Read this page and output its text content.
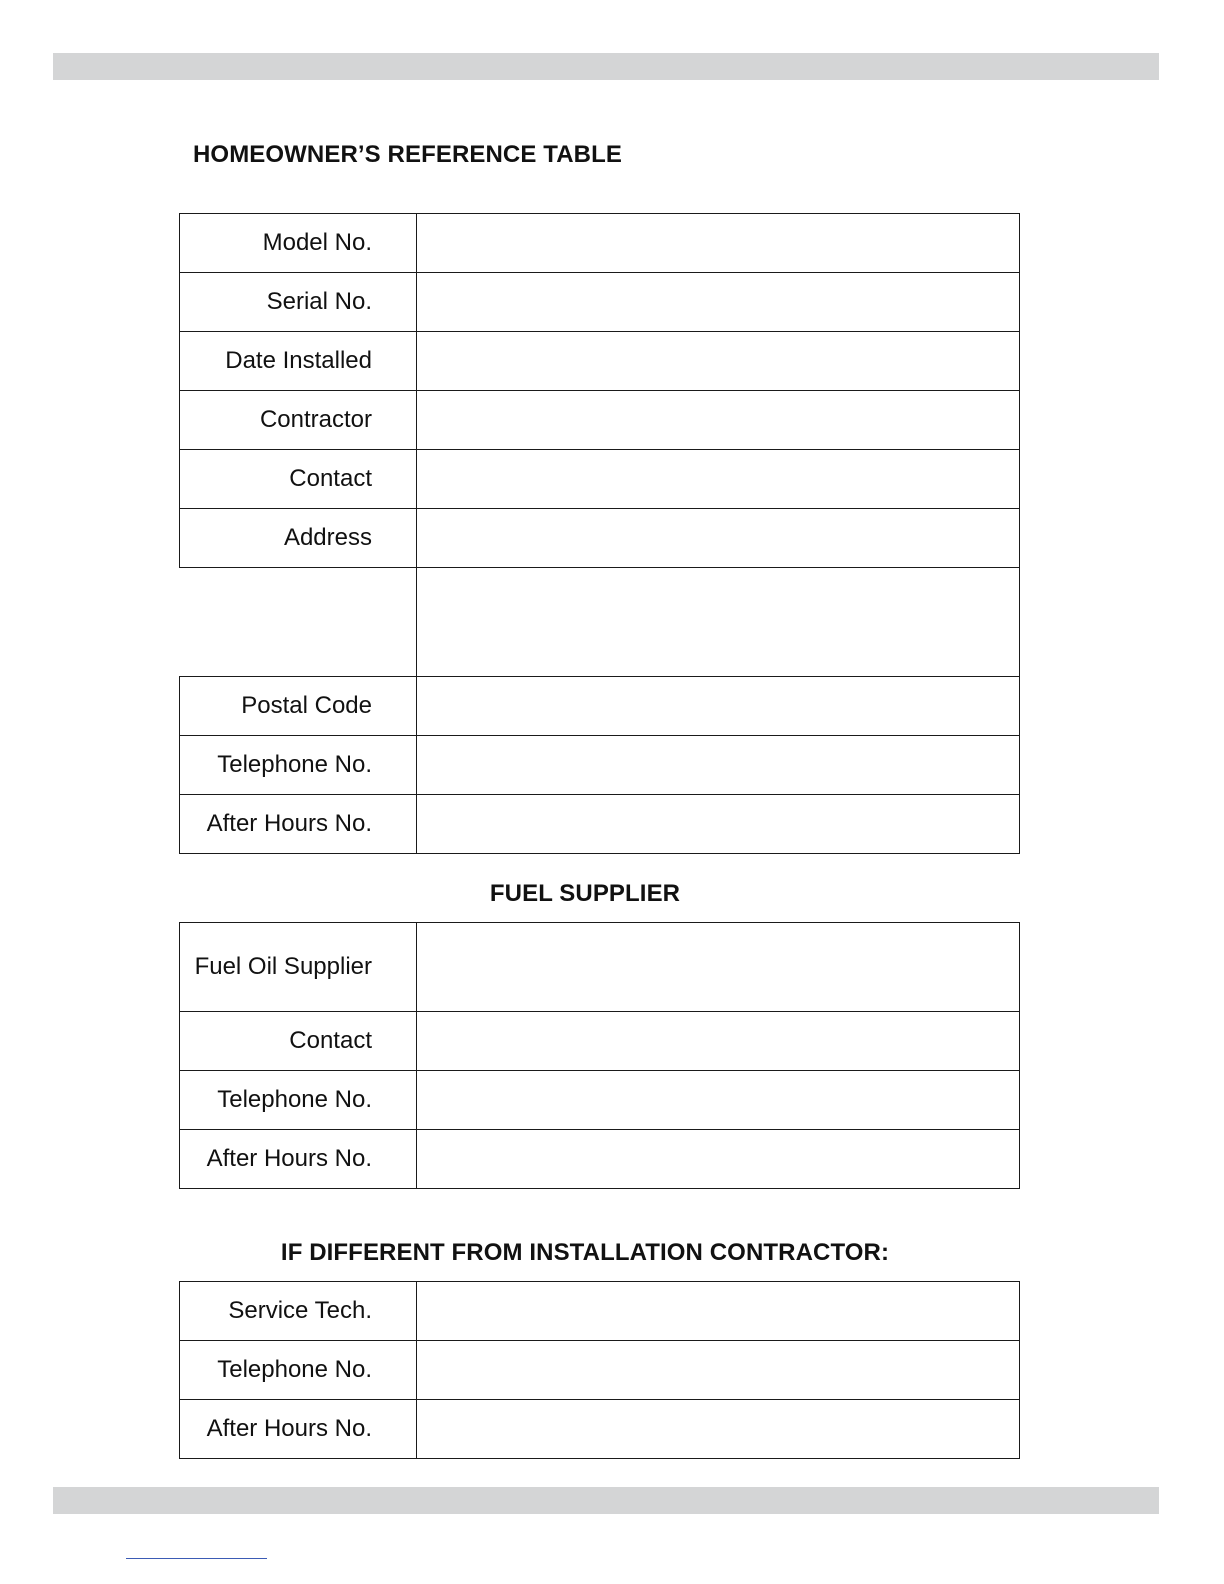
HOMEOWNER’S REFERENCE TABLE
Model No.	
Serial No.	
Date Installed	
Contractor	
Contact	
Address	

Postal Code	
Telephone No.	
After Hours No.	
FUEL SUPPLIER
Fuel Oil Supplier	
Contact	
Telephone No.	
After Hours No.	
IF DIFFERENT FROM INSTALLATION CONTRACTOR:
Service Tech.	
Telephone No.	
After Hours No.	
